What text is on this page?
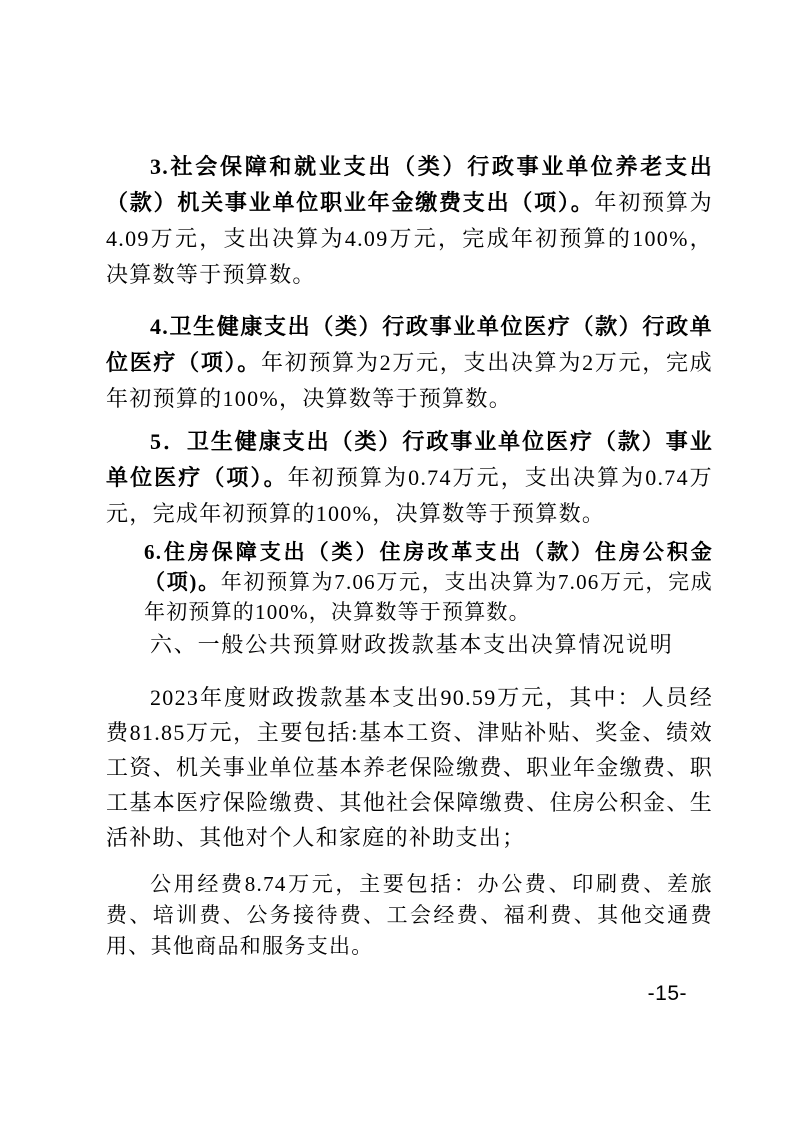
3.社会保障和就业支出（类）行政事业单位养老支出（款）机关事业单位职业年金缴费支出（项）。年初预算为4.09万元，支出决算为4.09万元，完成年初预算的100%，决算数等于预算数。

4.卫生健康支出（类）行政事业单位医疗（款）行政单位医疗（项）。年初预算为2万元，支出决算为2万元，完成年初预算的100%，决算数等于预算数。

5．卫生健康支出（类）行政事业单位医疗（款）事业单位医疗（项）。年初预算为0.74万元，支出决算为0.74万元，完成年初预算的100%，决算数等于预算数。

6.住房保障支出（类）住房改革支出（款）住房公积金（项)。年初预算为7.06万元，支出决算为7.06万元，完成年初预算的100%，决算数等于预算数。

六、一般公共预算财政拨款基本支出决算情况说明

2023年度财政拨款基本支出90.59万元，其中：人员经费81.85万元，主要包括:基本工资、津贴补贴、奖金、绩效工资、机关事业单位基本养老保险缴费、职业年金缴费、职工基本医疗保险缴费、其他社会保障缴费、住房公积金、生活补助、其他对个人和家庭的补助支出；

公用经费8.74万元，主要包括：办公费、印刷费、差旅费、培训费、公务接待费、工会经费、福利费、其他交通费用、其他商品和服务支出。

-15-
